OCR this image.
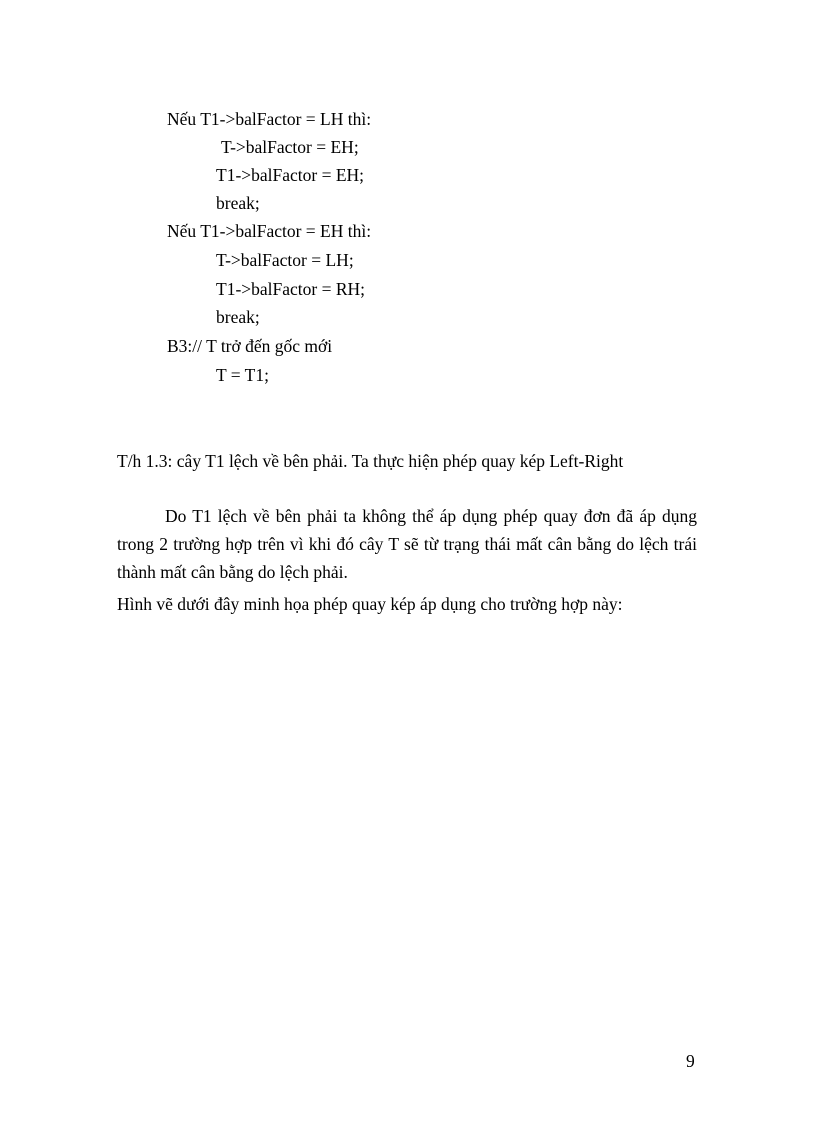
Nếu T1->balFactor = LH thì:
T->balFactor = EH;
T1->balFactor = EH;
break;
Nếu T1->balFactor = EH thì:
T->balFactor = LH;
T1->balFactor = RH;
break;
B3:// T trở đến gốc mới
T = T1;
T/h 1.3: cây T1 lệch về bên phải. Ta thực hiện phép quay kép Left-Right
Do T1 lệch về bên phải ta không thể áp dụng phép quay đơn đã áp dụng trong 2 trường hợp trên vì khi đó cây T sẽ từ trạng thái mất cân bằng do lệch trái thành mất cân bằng do lệch phải.
Hình vẽ dưới đây minh họa phép quay kép áp dụng cho trường hợp này:
9
